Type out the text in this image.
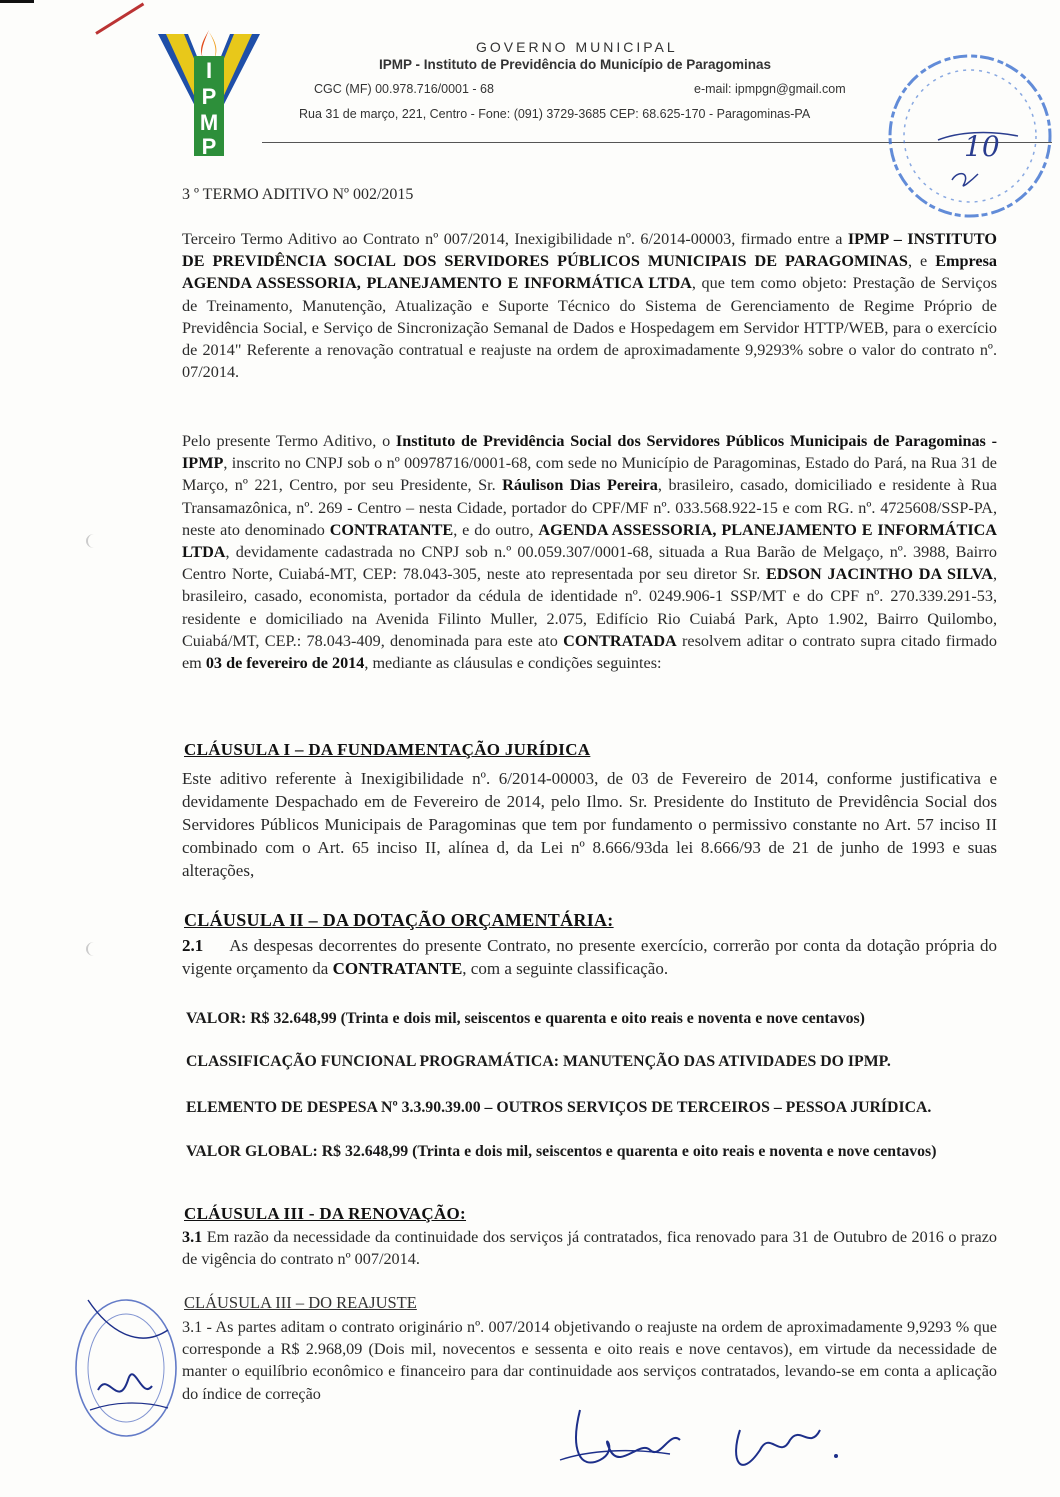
I
P
M
P
GOVERNO MUNICIPAL
IPMP - Instituto de Previdência do Município de Paragominas
CGC (MF) 00.978.716/0001 - 68	e-mail: ipmpgn@gmail.com
Rua 31 de março, 221, Centro - Fone: (091) 3729-3685 CEP: 68.625-170 - Paragominas-PA
10
3 º TERMO ADITIVO Nº 002/2015
Terceiro Termo Aditivo ao Contrato nº 007/2014, Inexigibilidade nº. 6/2014-00003, firmado entre a IPMP – INSTITUTO DE PREVIDÊNCIA SOCIAL DOS SERVIDORES PÚBLICOS MUNICIPAIS DE PARAGOMINAS, e Empresa AGENDA ASSESSORIA, PLANEJAMENTO E INFORMÁTICA LTDA, que tem como objeto: Prestação de Serviços de Treinamento, Manutenção, Atualização e Suporte Técnico do Sistema de Gerenciamento de Regime Próprio de Previdência Social, e Serviço de Sincronização Semanal de Dados e Hospedagem em Servidor HTTP/WEB, para o exercício de 2014" Referente a renovação contratual e reajuste na ordem de aproximadamente 9,9293% sobre o valor do contrato nº. 07/2014.
Pelo presente Termo Aditivo, o Instituto de Previdência Social dos Servidores Públicos Municipais de Paragominas - IPMP, inscrito no CNPJ sob o nº 00978716/0001-68, com sede no Município de Paragominas, Estado do Pará, na Rua 31 de Março, nº 221, Centro, por seu Presidente, Sr. Ráulison Dias Pereira, brasileiro, casado, domiciliado e residente à Rua Transamazônica, nº. 269 - Centro – nesta Cidade, portador do CPF/MF nº. 033.568.922-15 e com RG. nº. 4725608/SSP-PA, neste ato denominado CONTRATANTE, e do outro, AGENDA ASSESSORIA, PLANEJAMENTO E INFORMÁTICA LTDA, devidamente cadastrada no CNPJ sob n.º 00.059.307/0001-68, situada a Rua Barão de Melgaço, nº. 3988, Bairro Centro Norte, Cuiabá-MT, CEP: 78.043-305, neste ato representada por seu diretor Sr. EDSON JACINTHO DA SILVA, brasileiro, casado, economista, portador da cédula de identidade nº. 0249.906-1 SSP/MT e do CPF nº. 270.339.291-53, residente e domiciliado na Avenida Filinto Muller, 2.075, Edifício Rio Cuiabá Park, Apto 1.902, Bairro Quilombo, Cuiabá/MT, CEP.: 78.043-409, denominada para este ato CONTRATADA resolvem aditar o contrato supra citado firmado em 03 de fevereiro de 2014, mediante as cláusulas e condições seguintes:
CLÁUSULA I – DA FUNDAMENTAÇÃO JURÍDICA
Este aditivo referente à Inexigibilidade nº. 6/2014-00003, de 03 de Fevereiro de 2014, conforme justificativa e devidamente Despachado em de Fevereiro de 2014, pelo Ilmo. Sr. Presidente do Instituto de Previdência Social dos Servidores Públicos Municipais de Paragominas que tem por fundamento o permissivo constante no Art. 57 inciso II combinado com o Art. 65 inciso II, alínea d, da Lei nº 8.666/93da lei 8.666/93 de 21 de junho de 1993 e suas alterações,
CLÁUSULA II – DA DOTAÇÃO ORÇAMENTÁRIA:
2.1 As despesas decorrentes do presente Contrato, no presente exercício, correrão por conta da dotação própria do vigente orçamento da CONTRATANTE, com a seguinte classificação.
VALOR: R$ 32.648,99 (Trinta e dois mil, seiscentos e quarenta e oito reais e noventa e nove centavos)
CLASSIFICAÇÃO FUNCIONAL PROGRAMÁTICA: MANUTENÇÃO DAS ATIVIDADES DO IPMP.
ELEMENTO DE DESPESA Nº 3.3.90.39.00 – OUTROS SERVIÇOS DE TERCEIROS – PESSOA JURÍDICA.
VALOR GLOBAL: R$ 32.648,99 (Trinta e dois mil, seiscentos e quarenta e oito reais e noventa e nove centavos)
CLÁUSULA III - DA RENOVAÇÃO:
3.1 Em razão da necessidade da continuidade dos serviços já contratados, fica renovado para 31 de Outubro de 2016 o prazo de vigência do contrato nº 007/2014.
CLÁUSULA III – DO REAJUSTE
3.1 - As partes aditam o contrato originário nº. 007/2014 objetivando o reajuste na ordem de aproximadamente 9,9293 % que corresponde a R$ 2.968,09 (Dois mil, novecentos e sessenta e oito reais e nove centavos), em virtude da necessidade de manter o equilíbrio econômico e financeiro para dar continuidade aos serviços contratados, levando-se em conta a aplicação do índice de correção
